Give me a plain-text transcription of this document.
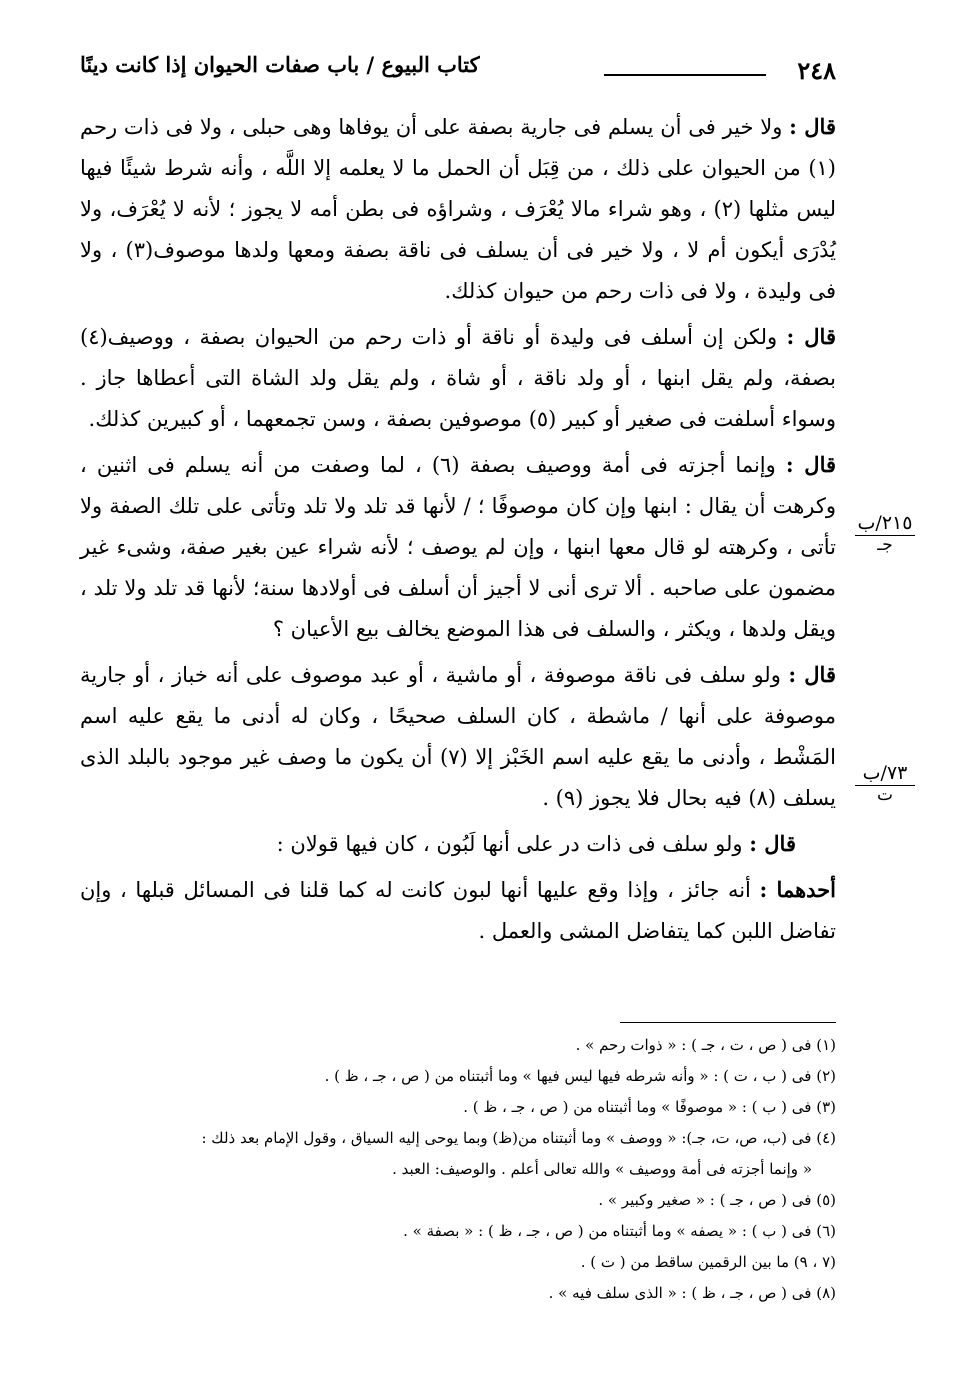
٢٤٨
كتاب البيوع / باب صفات الحيوان إذا كانت دينًا

قال : ولا خير فى أن يسلم فى جارية بصفة على أن يوفاها وهى حبلى ، ولا فى ذات رحم (١) من الحيوان على ذلك ، من قِبَل أن الحمل ما لا يعلمه إلا اللَّه ، وأنه شرط شيئًا فيها ليس مثلها (٢) ، وهو شراء مالا يُعْرَف ، وشراؤه فى بطن أمه لا يجوز ؛ لأنه لا يُعْرَف، ولا يُدْرَى أيكون أم لا ، ولا خير فى أن يسلف فى ناقة بصفة ومعها ولدها موصوف(٣) ، ولا فى وليدة ، ولا فى ذات رحم من حيوان كذلك.

قال : ولكن إن أسلف فى وليدة أو ناقة أو ذات رحم من الحيوان بصفة ، ووصيف(٤) بصفة، ولم يقل ابنها ، أو ولد ناقة ، أو شاة ، ولم يقل ولد الشاة التى أعطاها جاز . وسواء أسلفت فى صغير أو كبير (٥) موصوفين بصفة ، وسن تجمعهما ، أو كبيرين كذلك.

قال : وإنما أجزته فى أمة ووصيف بصفة (٦) ، لما وصفت من أنه يسلم فى اثنين ، وكرهت أن يقال : ابنها وإن كان موصوفًا ؛ / لأنها قد تلد ولا تلد وتأتى على تلك الصفة ولا تأتى ، وكرهته لو قال معها ابنها ، وإن لم يوصف ؛ لأنه شراء عين بغير صفة، وشىء غير مضمون على صاحبه . ألا ترى أنى لا أجيز أن أسلف فى أولادها سنة؛ لأنها قد تلد ولا تلد ، ويقل ولدها ، ويكثر ، والسلف فى هذا الموضع يخالف بيع الأعيان ؟

قال : ولو سلف فى ناقة موصوفة ، أو ماشية ، أو عبد موصوف على أنه خباز ، أو جارية موصوفة على أنها / ماشطة ، كان السلف صحيحًا ، وكان له أدنى ما يقع عليه اسم المَشْط ، وأدنى ما يقع عليه اسم الخَبْز إلا (٧) أن يكون ما وصف غير موجود بالبلد الذى يسلف (٨) فيه بحال فلا يجوز (٩) .

قال : ولو سلف فى ذات در على أنها لَبُون ، كان فيها قولان :

أحدهما : أنه جائز ، وإذا وقع عليها أنها لبون كانت له كما قلنا فى المسائل قبلها ، وإن تفاضل اللبن كما يتفاضل المشى والعمل .

٢١٥/ب
جـ
٧٣/ب
ت
(١) فى ( ص ، ت ، جـ ) : « ذوات رحم » .
(٢) فى ( ب ، ت ) : « وأنه شرطه فيها ليس فيها » وما أثبتناه من ( ص ، جـ ، ظ ) .
(٣) فى ( ب ) : « موصوفًا » وما أثبتناه من ( ص ، جـ ، ظ ) .
(٤) فى (ب، ص، ت، جـ): « ووصف » وما أثبتناه من(ظ) وبما يوحى إليه السياق ، وقول الإمام بعد ذلك :
« وإنما أجزته فى أمة ووصيف » والله تعالى أعلم . والوصيف: العبد .
(٥) فى ( ص ، جـ ) : « صغير وكبير » .
(٦) فى ( ب ) : « يصفه » وما أثبتناه من ( ص ، جـ ، ظ ) : « بصفة » .
(٧ ، ٩) ما بين الرقمين ساقط من ( ت ) .
(٨) فى ( ص ، جـ ، ظ ) : « الذى سلف فيه » .
